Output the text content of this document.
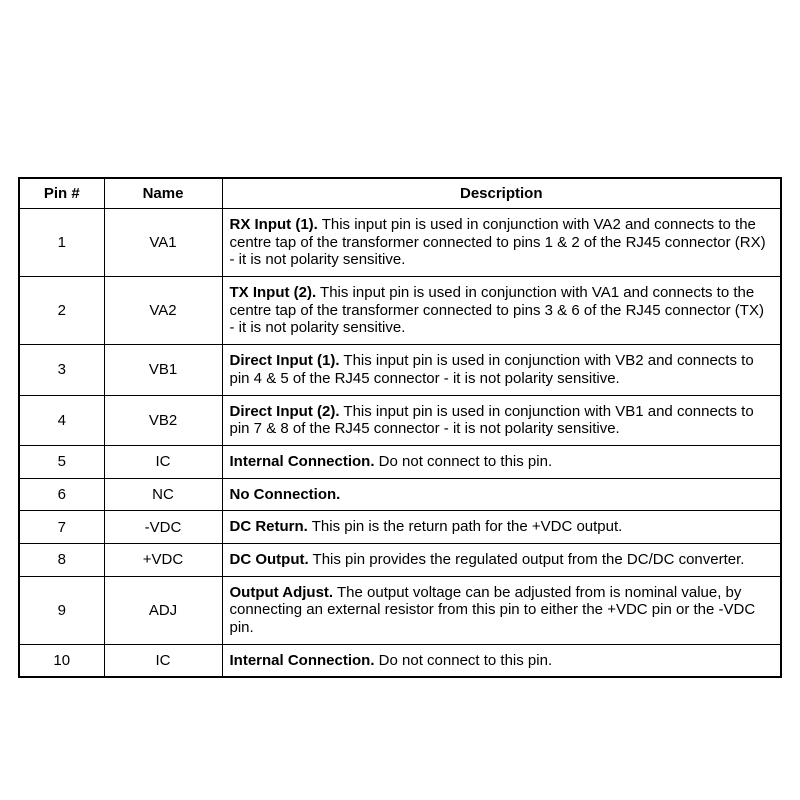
Pin #	Name	Description
1	VA1	RX Input (1). This input pin is used in conjunction with VA2 and connects to the centre tap of the transformer connected to pins 1 & 2 of the RJ45 connector (RX) - it is not polarity sensitive.
2	VA2	TX Input (2). This input pin is used in conjunction with VA1 and connects to the centre tap of the transformer connected to pins 3 & 6 of the RJ45 connector (TX) - it is not polarity sensitive.
3	VB1	Direct Input (1). This input pin is used in conjunction with VB2 and connects to pin 4 & 5 of the RJ45 connector - it is not polarity sensitive.
4	VB2	Direct Input (2). This input pin is used in conjunction with VB1 and connects to pin 7 & 8 of the RJ45 connector - it is not polarity sensitive.
5	IC	Internal Connection. Do not connect to this pin.
6	NC	No Connection.
7	-VDC	DC Return. This pin is the return path for the +VDC output.
8	+VDC	DC Output. This pin provides the regulated output from the DC/DC converter.
9	ADJ	Output Adjust. The output voltage can be adjusted from is nominal value, by connecting an external resistor from this pin to either the +VDC pin or the -VDC pin.
10	IC	Internal Connection. Do not connect to this pin.
